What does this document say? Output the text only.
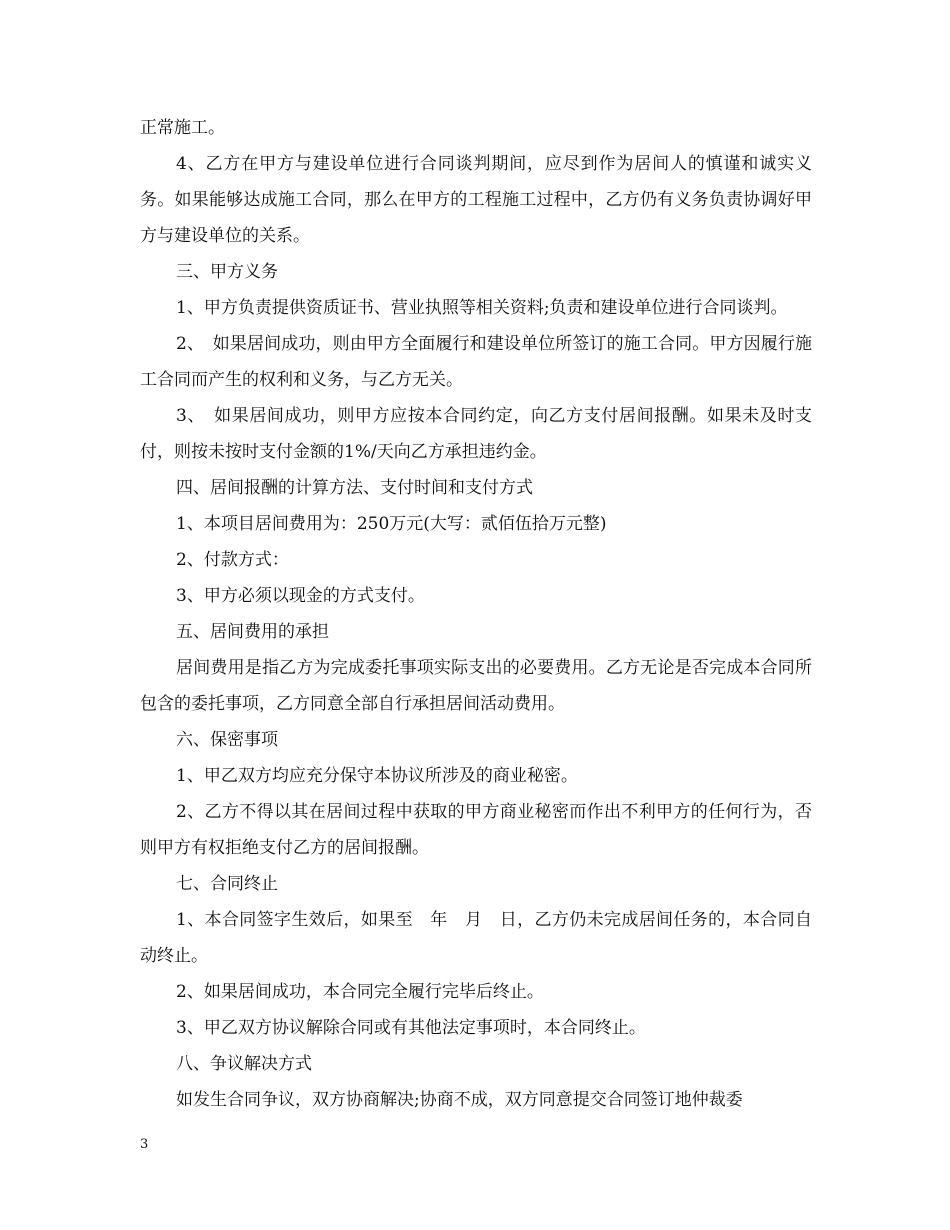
正常施工。

4、乙方在甲方与建设单位进行合同谈判期间，应尽到作为居间人的慎谨和诚实义务。如果能够达成施工合同，那么在甲方的工程施工过程中，乙方仍有义务负责协调好甲方与建设单位的关系。

三、甲方义务

1、甲方负责提供资质证书、营业执照等相关资料;负责和建设单位进行合同谈判。

2、　如果居间成功，则由甲方全面履行和建设单位所签订的施工合同。甲方因履行施工合同而产生的权利和义务，与乙方无关。

3、　如果居间成功，则甲方应按本合同约定，向乙方支付居间报酬。如果未及时支付，则按未按时支付金额的1%/天向乙方承担违约金。

四、居间报酬的计算方法、支付时间和支付方式

1、本项目居间费用为：250万元(大写：贰佰伍拾万元整)

2、付款方式：

3、甲方必须以现金的方式支付。

五、居间费用的承担

居间费用是指乙方为完成委托事项实际支出的必要费用。乙方无论是否完成本合同所包含的委托事项，乙方同意全部自行承担居间活动费用。

六、保密事项

1、甲乙双方均应充分保守本协议所涉及的商业秘密。

2、乙方不得以其在居间过程中获取的甲方商业秘密而作出不利甲方的任何行为，否则甲方有权拒绝支付乙方的居间报酬。

七、合同终止

1、本合同签字生效后，如果至　年　月　日，乙方仍未完成居间任务的，本合同自动终止。

2、如果居间成功，本合同完全履行完毕后终止。

3、甲乙双方协议解除合同或有其他法定事项时，本合同终止。

八、争议解决方式

如发生合同争议，双方协商解决;协商不成，双方同意提交合同签订地仲裁委

3
